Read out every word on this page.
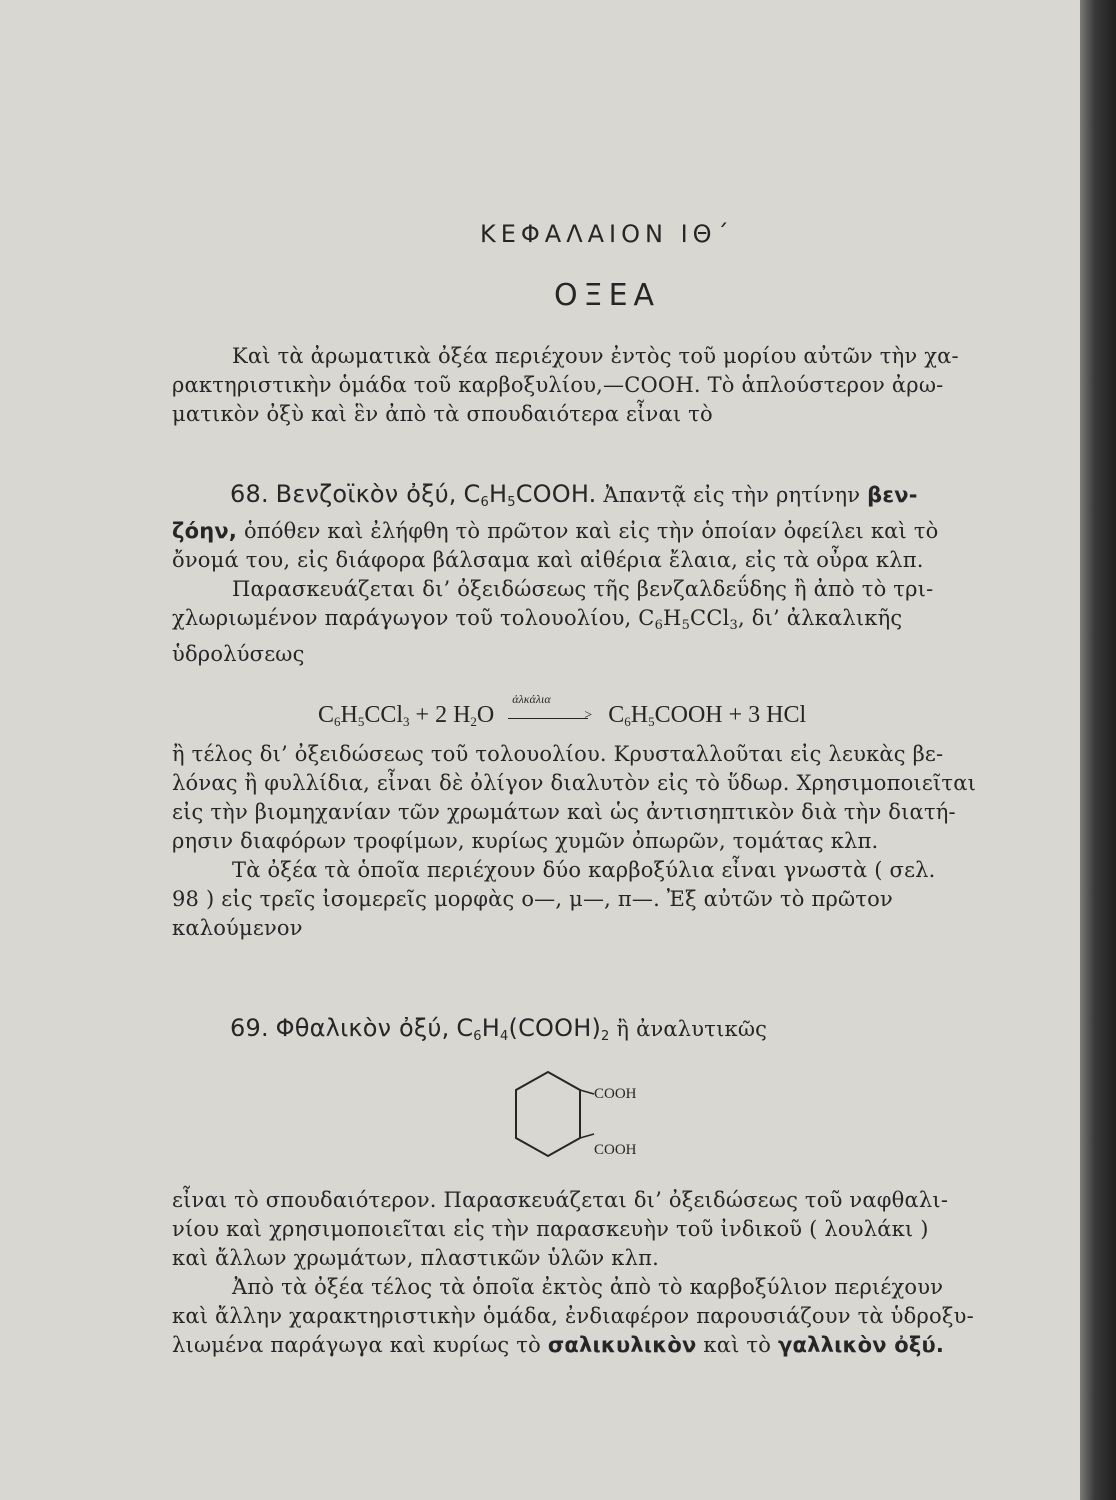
ΚΕΦΑΛΑΙΟΝ ΙΘ΄
ΟΞΕΑ
Καὶ τὰ ἀρωματικὰ ὀξέα περιέχουν ἐντὸς τοῦ μορίου αὐτῶν τὴν χα-
ρακτηριστικὴν ὁμάδα τοῦ καρβοξυλίου,—COOH. Τὸ ἁπλούστερον ἀρω-
ματικὸν ὀξὺ καὶ ἓν ἀπὸ τὰ σπουδαιότερα εἶναι τὸ
68. Βενζοϊκὸν ὀξύ, $C_6H_5COOH$. Ἀπαντᾷ εἰς τὴν ρητίνην βεν-
ζόην, ὁπόθεν καὶ ἐλήφθη τὸ πρῶτον καὶ εἰς τὴν ὁποίαν ὀφείλει καὶ τὸ
ὄνομά του, εἰς διάφορα βάλσαμα καὶ αἰθέρια ἔλαια, εἰς τὰ οὖρα κλπ.
Παρασκευάζεται δι’ ὀξειδώσεως τῆς βενζαλδεΰδης ἢ ἀπὸ τὸ τρι-
χλωριωμένον παράγωγον τοῦ τολουολίου, $C_6H_5CCl_3$, δι’ ἀλκαλικῆς
ὑδρολύσεως
$C_6H_5CCl_3 + 2$ $H_2O$
ἀλκάλια
> $C_6H_5COOH + 3$ HCl
ἢ τέλος δι’ ὀξειδώσεως τοῦ τολουολίου. Κρυσταλλοῦται εἰς λευκὰς βε-
λόνας ἢ φυλλίδια, εἶναι δὲ ὀλίγον διαλυτὸν εἰς τὸ ὕδωρ. Χρησιμοποιεῖται
εἰς τὴν βιομηχανίαν τῶν χρωμάτων καὶ ὡς ἀντισηπτικὸν διὰ τὴν διατή-
ρησιν διαφόρων τροφίμων, κυρίως χυμῶν ὀπωρῶν, τομάτας κλπ.
Τὰ ὀξέα τὰ ὁποῖα περιέχουν δύο καρβοξύλια εἶναι γνωστὰ ( σελ.
98 ) εἰς τρεῖς ἰσομερεῖς μορφὰς ο—, μ—, π—. Ἐξ αὐτῶν τὸ πρῶτον
καλούμενον
69. Φθαλικὸν ὀξύ, $C_6H_4(COOH)_2$ ἢ ἀναλυτικῶς
COOH
COOH
εἶναι τὸ σπουδαιότερον. Παρασκευάζεται δι’ ὀξειδώσεως τοῦ ναφθαλι-
νίου καὶ χρησιμοποιεῖται εἰς τὴν παρασκευὴν τοῦ ἰνδικοῦ ( λουλάκι )
καὶ ἄλλων χρωμάτων, πλαστικῶν ὑλῶν κλπ.
Ἀπὸ τὰ ὀξέα τέλος τὰ ὁποῖα ἐκτὸς ἀπὸ τὸ καρβοξύλιον περιέχουν
καὶ ἄλλην χαρακτηριστικὴν ὁμάδα, ἐνδιαφέρον παρουσιάζουν τὰ ὑδροξυ-
λιωμένα παράγωγα καὶ κυρίως τὸ σαλικυλικὸν καὶ τὸ γαλλικὸν ὀξύ.
